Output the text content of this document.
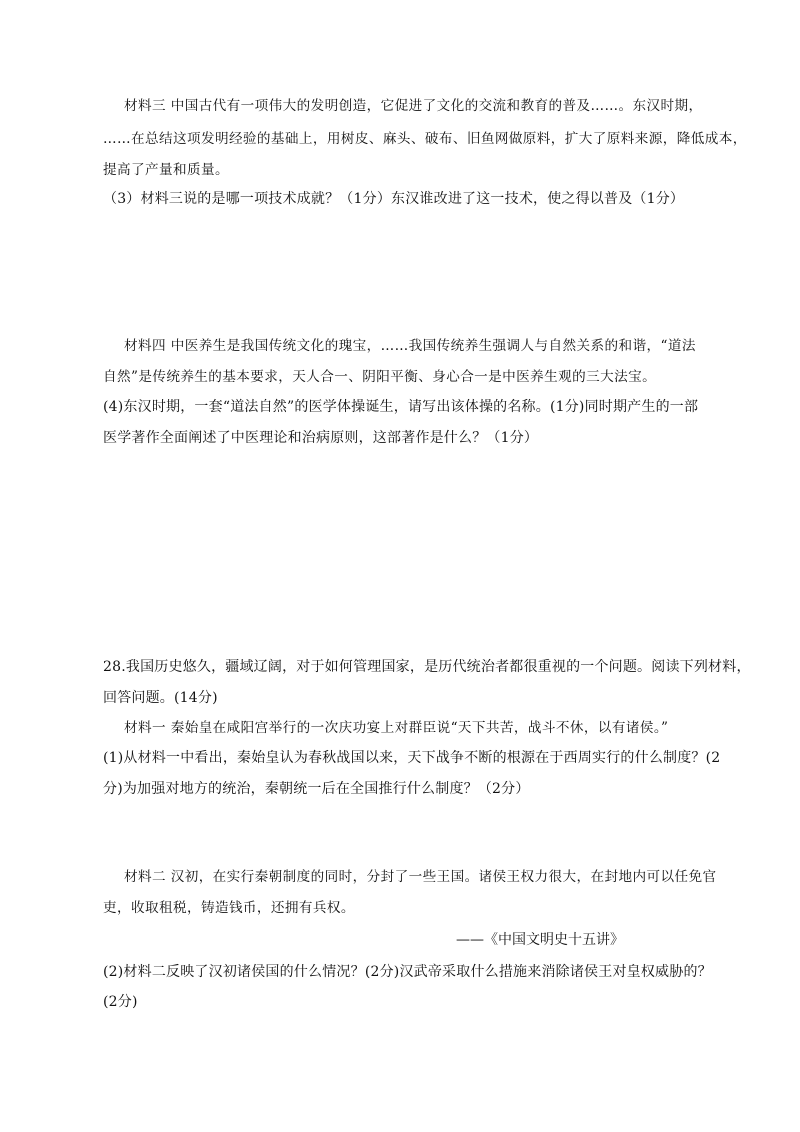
材料三 中国古代有一项伟大的发明创造，它促进了文化的交流和教育的普及……。东汉时期，
……在总结这项发明经验的基础上，用树皮、麻头、破布、旧鱼网做原料，扩大了原料来源，降低成本，
提高了产量和质量。
（3）材料三说的是哪一项技术成就？（1分）东汉谁改进了这一技术，使之得以普及（1分）
材料四 中医养生是我国传统文化的瑰宝，……我国传统养生强调人与自然关系的和谐，“道法
自然”是传统养生的基本要求，天人合一、阴阳平衡、身心合一是中医养生观的三大法宝。
(4)东汉时期，一套“道法自然”的医学体操诞生，请写出该体操的名称。(1分)同时期产生的一部
医学著作全面阐述了中医理论和治病原则，这部著作是什么？（1分）
28.我国历史悠久，疆域辽阔，对于如何管理国家，是历代统治者都很重视的一个问题。阅读下列材料，
回答问题。(14分)
材料一 秦始皇在咸阳宫举行的一次庆功宴上对群臣说“天下共苦，战斗不休，以有诸侯。”
(1)从材料一中看出，秦始皇认为春秋战国以来，天下战争不断的根源在于西周实行的什么制度？(2
分)为加强对地方的统治，秦朝统一后在全国推行什么制度？（2分）
材料二 汉初，在实行秦朝制度的同时，分封了一些王国。诸侯王权力很大，在封地内可以任免官
吏，收取租税，铸造钱币，还拥有兵权。
——《中国文明史十五讲》
(2)材料二反映了汉初诸侯国的什么情况？(2分)汉武帝采取什么措施来消除诸侯王对皇权威胁的？
(2分)
